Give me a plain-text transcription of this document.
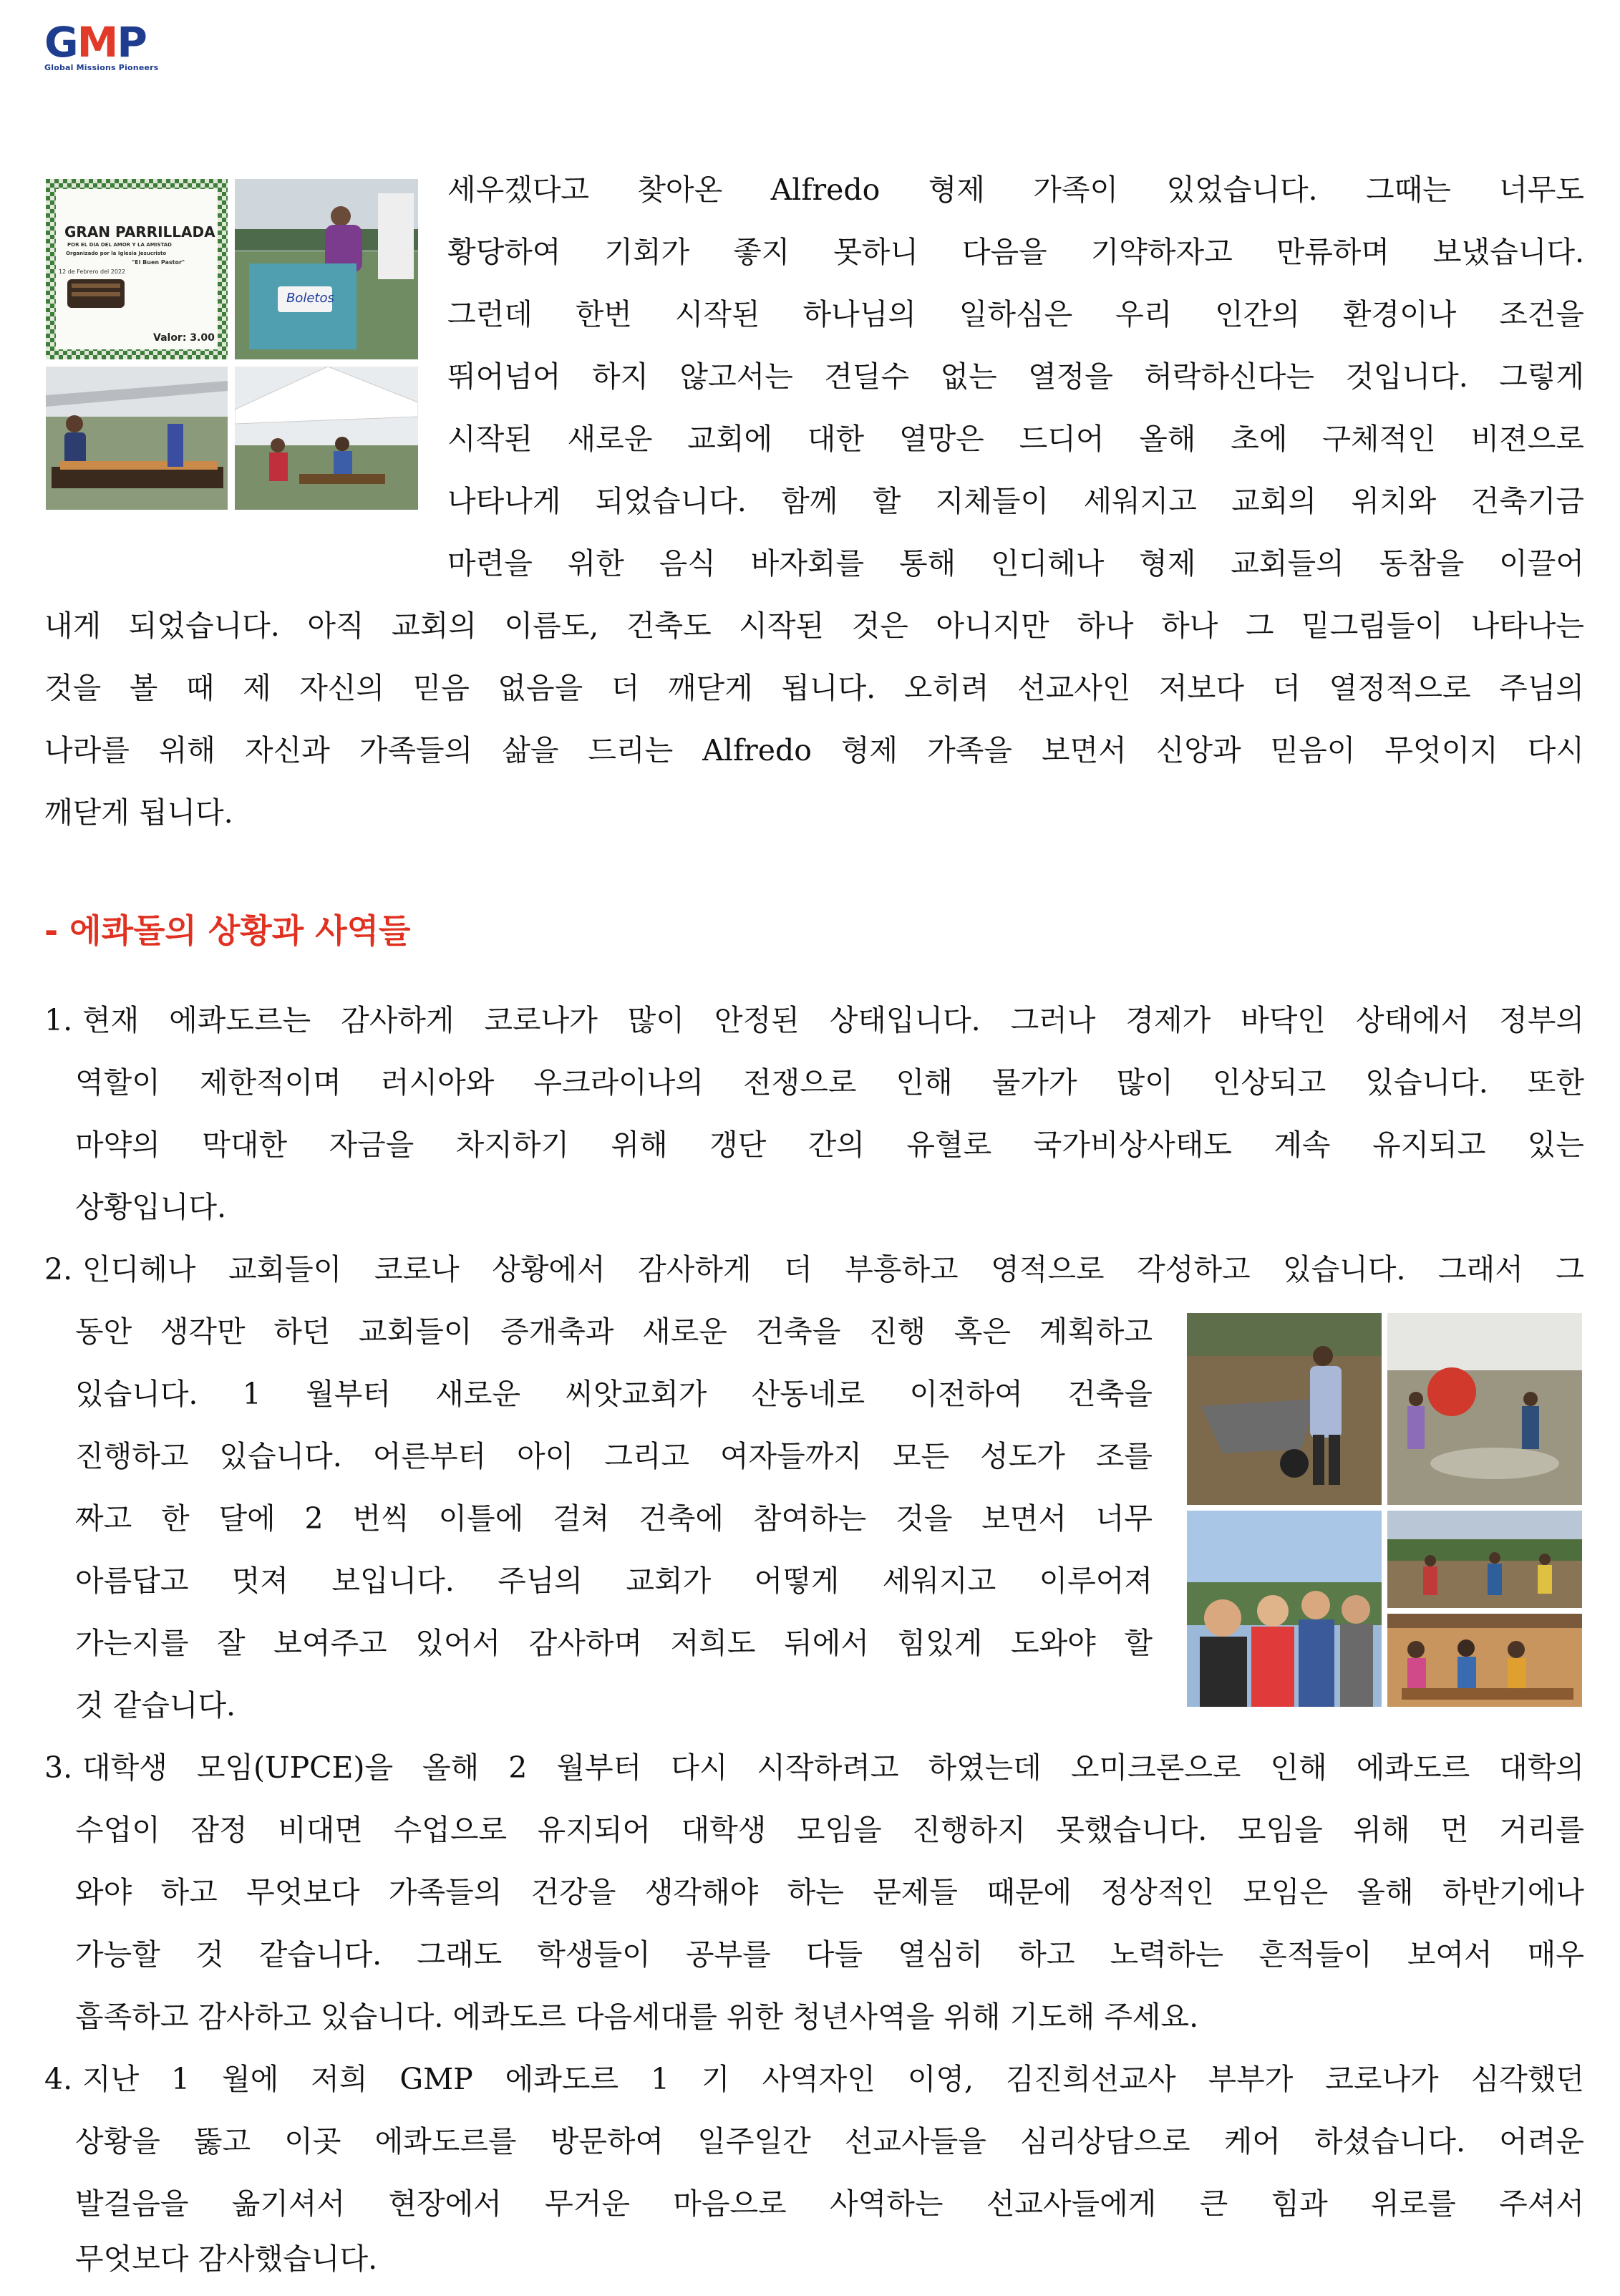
GMP
Global Missions Pioneers
GRAN PARRILLADA
POR EL DIA DEL AMOR Y LA AMISTAD
Organizado por la Iglesia Jesucristo
"El Buen Pastor"
12 de Febrero del 2022
Valor: 3.00
Boletos
세우겠다고 찾아온 Alfredo 형제 가족이 있었습니다. 그때는 너무도
황당하여 기회가 좋지 못하니 다음을 기약하자고 만류하며 보냈습니다.
그런데 한번 시작된 하나님의 일하심은 우리 인간의 환경이나 조건을
뛰어넘어 하지 않고서는 견딜수 없는 열정을 허락하신다는 것입니다. 그렇게
시작된 새로운 교회에 대한 열망은 드디어 올해 초에 구체적인 비젼으로
나타나게 되었습니다. 함께 할 지체들이 세워지고 교회의 위치와 건축기금
마련을 위한 음식 바자회를 통해 인디헤나 형제 교회들의 동참을 이끌어
내게 되었습니다. 아직 교회의 이름도, 건축도 시작된 것은 아니지만 하나 하나 그 밑그림들이 나타나는
것을 볼 때 제 자신의 믿음 없음을 더 깨닫게 됩니다. 오히려 선교사인 저보다 더 열정적으로 주님의
나라를 위해 자신과 가족들의 삶을 드리는 Alfredo 형제 가족을 보면서 신앙과 믿음이 무엇이지 다시
깨닫게 됩니다.
- 에콰돌의 상황과 사역들
1. 현재 에콰도르는 감사하게 코로나가 많이 안정된 상태입니다. 그러나 경제가 바닥인 상태에서 정부의
역할이 제한적이며 러시아와 우크라이나의 전쟁으로 인해 물가가 많이 인상되고 있습니다. 또한
마약의 막대한 자금을 차지하기 위해 갱단 간의 유혈로 국가비상사태도 계속 유지되고 있는
상황입니다.
2. 인디헤나 교회들이 코로나 상황에서 감사하게 더 부흥하고 영적으로 각성하고 있습니다. 그래서 그
동안 생각만 하던 교회들이 증개축과 새로운 건축을 진행 혹은 계획하고
있습니다. 1 월부터 새로운 씨앗교회가 산동네로 이전하여 건축을
진행하고 있습니다. 어른부터 아이 그리고 여자들까지 모든 성도가 조를
짜고 한 달에 2 번씩 이틀에 걸쳐 건축에 참여하는 것을 보면서 너무
아름답고 멋져 보입니다. 주님의 교회가 어떻게 세워지고 이루어져
가는지를 잘 보여주고 있어서 감사하며 저희도 뒤에서 힘있게 도와야 할
것 같습니다.
3. 대학생 모임(UPCE)을 올해 2 월부터 다시 시작하려고 하였는데 오미크론으로 인해 에콰도르 대학의
수업이 잠정 비대면 수업으로 유지되어 대학생 모임을 진행하지 못했습니다. 모임을 위해 먼 거리를
와야 하고 무엇보다 가족들의 건강을 생각해야 하는 문제들 때문에 정상적인 모임은 올해 하반기에나
가능할 것 같습니다. 그래도 학생들이 공부를 다들 열심히 하고 노력하는 흔적들이 보여서 매우
흡족하고 감사하고 있습니다. 에콰도르 다음세대를 위한 청년사역을 위해 기도해 주세요.
4. 지난 1 월에 저희 GMP 에콰도르 1 기 사역자인 이영, 김진희선교사 부부가 코로나가 심각했던
상황을 뚫고 이곳 에콰도르를 방문하여 일주일간 선교사들을 심리상담으로 케어 하셨습니다. 어려운
발걸음을 옮기셔서 현장에서 무거운 마음으로 사역하는 선교사들에게 큰 힘과 위로를 주셔서
무엇보다 감사했습니다.
